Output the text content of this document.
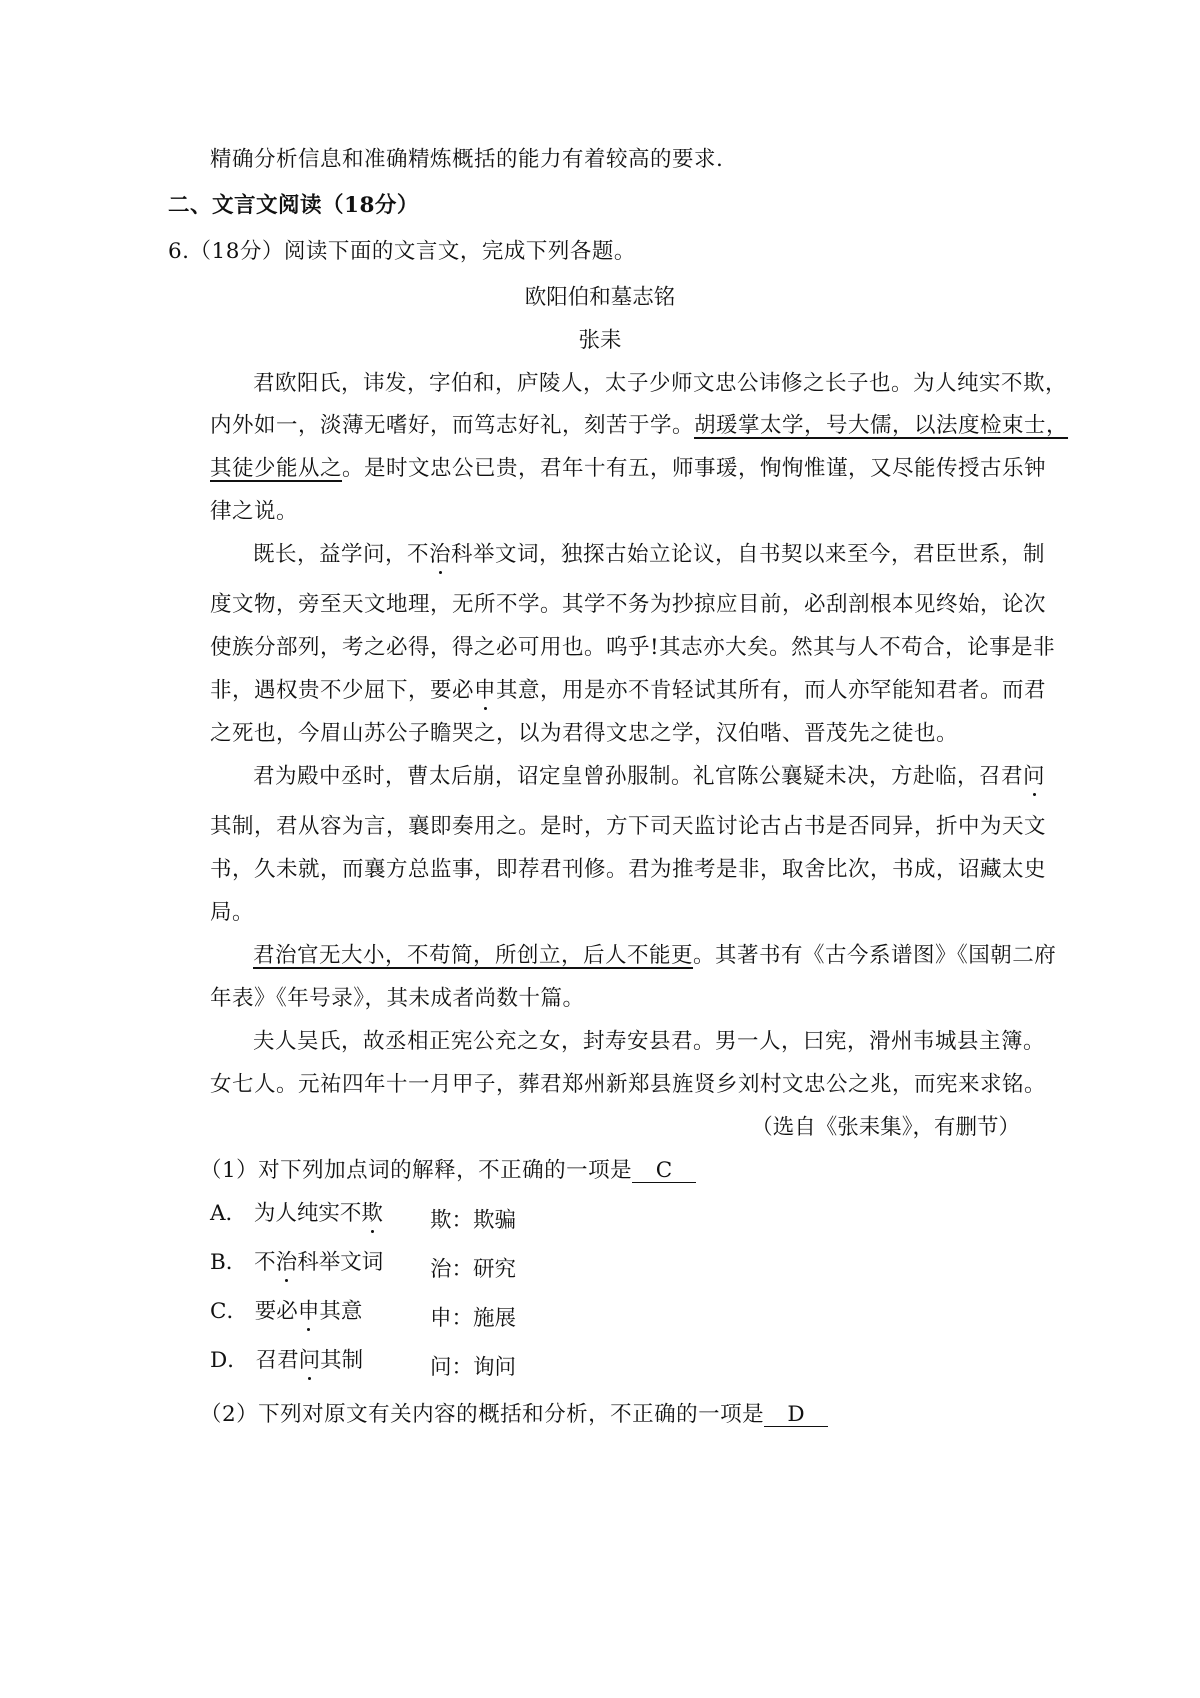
精确分析信息和准确精炼概括的能力有着较高的要求.
二、文言文阅读（18分）
6.（18分）阅读下面的文言文，完成下列各题。
欧阳伯和墓志铭
张耒
君欧阳氏，讳发，字伯和，庐陵人，太子少师文忠公讳修之长子也。为人纯实不欺，
内外如一，淡薄无嗜好，而笃志好礼，刻苦于学。胡瑗掌太学，号大儒，以法度检束士，
其徒少能从之。是时文忠公已贵，君年十有五，师事瑗，恂恂惟谨，又尽能传授古乐钟
律之说。
既长，益学问，不治科举文词，独探古始立论议，自书契以来至今，君臣世系，制
度文物，旁至天文地理，无所不学。其学不务为抄掠应目前，必刮剖根本见终始，论次
使族分部列，考之必得，得之必可用也。呜乎!其志亦大矣。然其与人不苟合，论事是非
非，遇权贵不少屈下，要必申其意，用是亦不肯轻试其所有，而人亦罕能知君者。而君
之死也，今眉山苏公子瞻哭之，以为君得文忠之学，汉伯喈、晋茂先之徒也。
君为殿中丞时，曹太后崩，诏定皇曾孙服制。礼官陈公襄疑未决，方赴临，召君问
其制，君从容为言，襄即奏用之。是时，方下司天监讨论古占书是否同异，折中为天文
书，久未就，而襄方总监事，即荐君刊修。君为推考是非，取舍比次，书成，诏藏太史
局。
君治官无大小，不苟简，所创立，后人不能更。其著书有《古今系谱图》《国朝二府
年表》《年号录》，其未成者尚数十篇。
夫人吴氏，故丞相正宪公充之女，封寿安县君。男一人，曰宪，滑州韦城县主簿。
女七人。元祐四年十一月甲子，葬君郑州新郑县旌贤乡刘村文忠公之兆，而宪来求铭。
（选自《张耒集》，有删节）
（1）对下列加点词的解释，不正确的一项是 C
A． 为人纯实不欺 欺：欺骗
B． 不治科举文词 治：研究
C． 要必申其意	申：施展
D． 召君问其制	问：询问
（2）下列对原文有关内容的概括和分析，不正确的一项是 D
